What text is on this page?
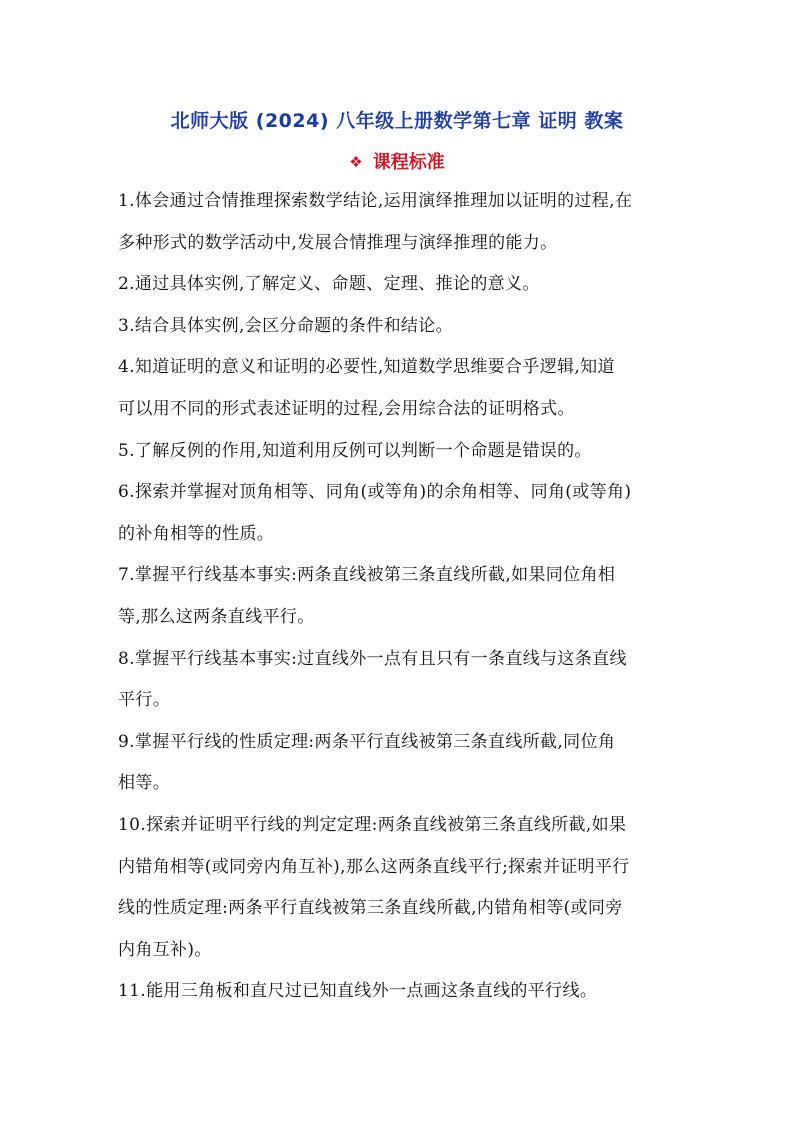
北师大版 (2024) 八年级上册数学第七章 证明 教案
❖ 课程标准
1.体会通过合情推理探索数学结论,运用演绎推理加以证明的过程,在
多种形式的数学活动中,发展合情推理与演绎推理的能力。
2.通过具体实例,了解定义、命题、定理、推论的意义。
3.结合具体实例,会区分命题的条件和结论。
4.知道证明的意义和证明的必要性,知道数学思维要合乎逻辑,知道
可以用不同的形式表述证明的过程,会用综合法的证明格式。
5.了解反例的作用,知道利用反例可以判断一个命题是错误的。
6.探索并掌握对顶角相等、同角(或等角)的余角相等、同角(或等角)
的补角相等的性质。
7.掌握平行线基本事实:两条直线被第三条直线所截,如果同位角相
等,那么这两条直线平行。
8.掌握平行线基本事实:过直线外一点有且只有一条直线与这条直线
平行。
9.掌握平行线的性质定理:两条平行直线被第三条直线所截,同位角
相等。
10.探索并证明平行线的判定定理:两条直线被第三条直线所截,如果
内错角相等(或同旁内角互补),那么这两条直线平行;探索并证明平行
线的性质定理:两条平行直线被第三条直线所截,内错角相等(或同旁
内角互补)。
11.能用三角板和直尺过已知直线外一点画这条直线的平行线。
